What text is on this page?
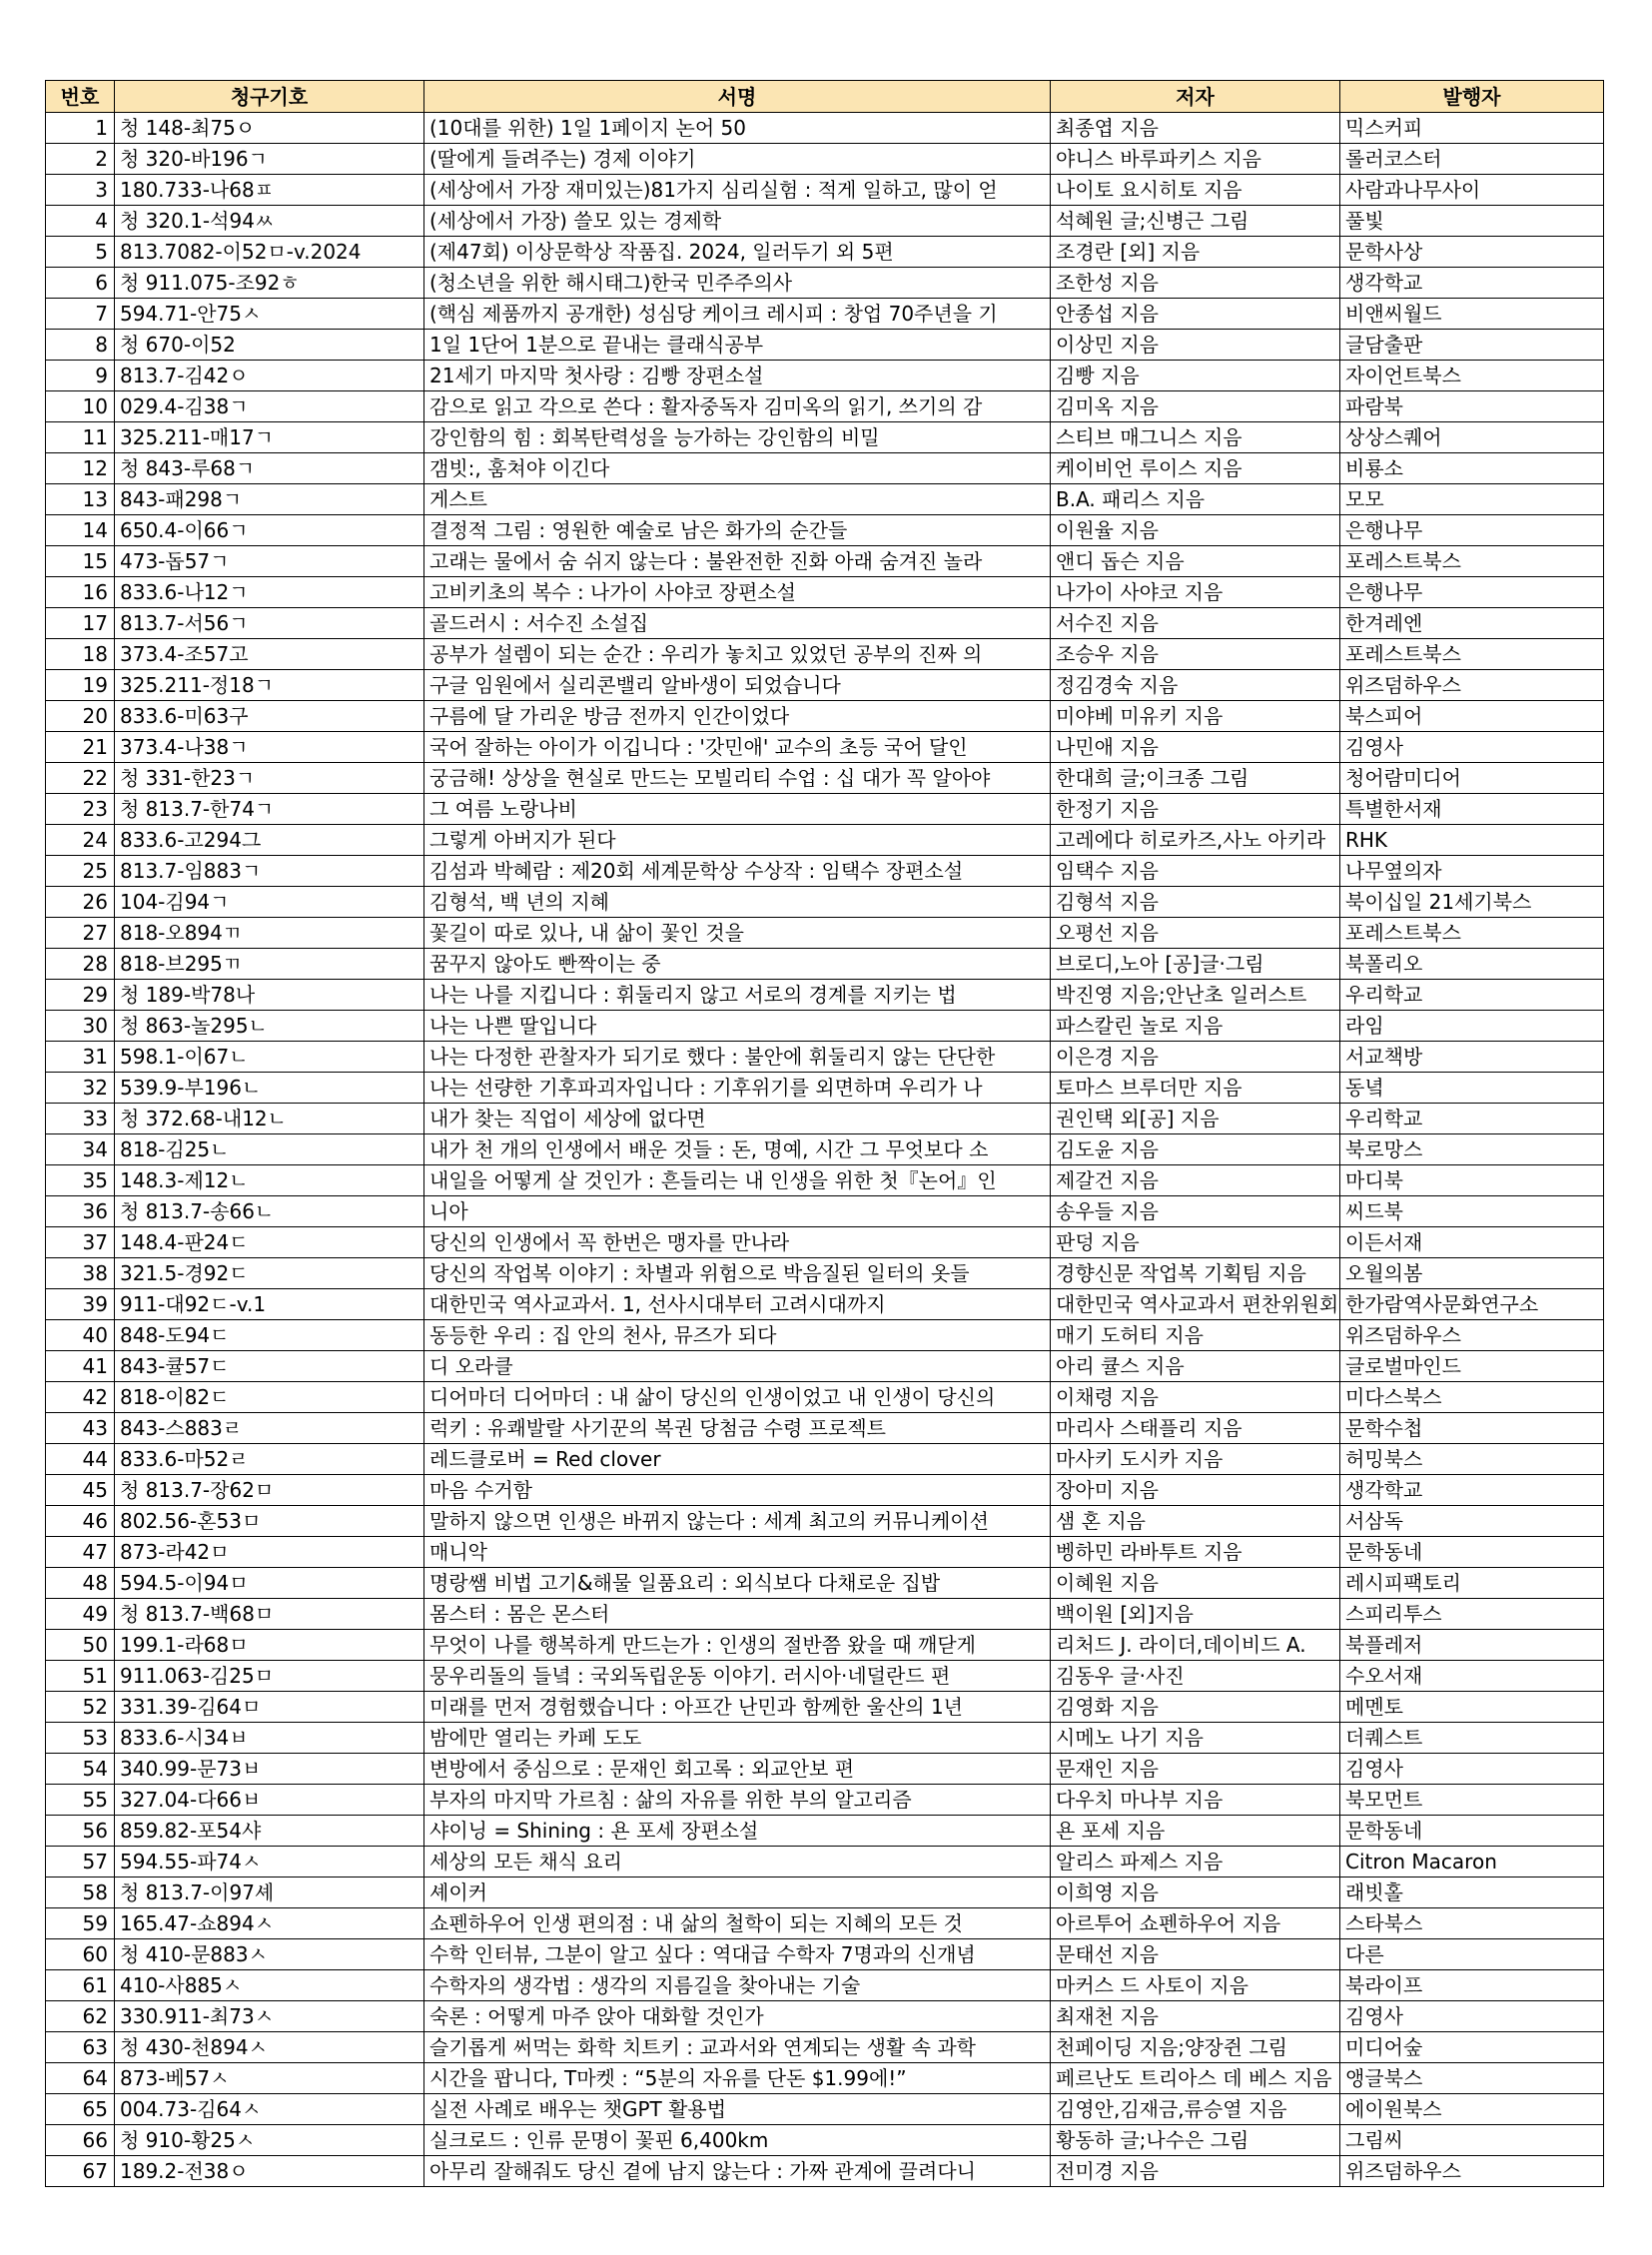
번호	청구기호	서명	저자	발행자
1	청 148-최75ㅇ	(10대를 위한) 1일 1페이지 논어 50	최종엽 지음	믹스커피
2	청 320-바196ㄱ	(딸에게 들려주는) 경제 이야기	야니스 바루파키스 지음	롤러코스터
3	180.733-나68ㅍ	(세상에서 가장 재미있는)81가지 심리실험 : 적게 일하고, 많이 얻	나이토 요시히토 지음	사람과나무사이
4	청 320.1-석94ㅆ	(세상에서 가장) 쓸모 있는 경제학	석혜원 글;신병근 그림	풀빛
5	813.7082-이52ㅁ-v.2024	(제47회) 이상문학상 작품집. 2024, 일러두기 외 5편	조경란 [외] 지음	문학사상
6	청 911.075-조92ㅎ	(청소년을 위한 해시태그)한국 민주주의사	조한성 지음	생각학교
7	594.71-안75ㅅ	(핵심 제품까지 공개한) 성심당 케이크 레시피 : 창업 70주년을 기	안종섭 지음	비앤씨월드
8	청 670-이52	1일 1단어 1분으로 끝내는 클래식공부	이상민 지음	글담출판
9	813.7-김42ㅇ	21세기 마지막 첫사랑 : 김빵 장편소설	김빵 지음	자이언트북스
10	029.4-김38ㄱ	감으로 읽고 각으로 쓴다 : 활자중독자 김미옥의 읽기, 쓰기의 감	김미옥 지음	파람북
11	325.211-매17ㄱ	강인함의 힘 : 회복탄력성을 능가하는 강인함의 비밀	스티브 매그니스 지음	상상스퀘어
12	청 843-루68ㄱ	갬빗:, 훔쳐야 이긴다	케이비언 루이스 지음	비룡소
13	843-패298ㄱ	게스트	B.A. 패리스 지음	모모
14	650.4-이66ㄱ	결정적 그림 : 영원한 예술로 남은 화가의 순간들	이원율 지음	은행나무
15	473-돕57ㄱ	고래는 물에서 숨 쉬지 않는다 : 불완전한 진화 아래 숨겨진 놀라	앤디 돕슨 지음	포레스트북스
16	833.6-나12ㄱ	고비키초의 복수 : 나가이 사야코 장편소설	나가이 사야코 지음	은행나무
17	813.7-서56ㄱ	골드러시 : 서수진 소설집	서수진 지음	한겨레엔
18	373.4-조57고	공부가 설렘이 되는 순간 : 우리가 놓치고 있었던 공부의 진짜 의	조승우 지음	포레스트북스
19	325.211-정18ㄱ	구글 임원에서 실리콘밸리 알바생이 되었습니다	정김경숙 지음	위즈덤하우스
20	833.6-미63구	구름에 달 가리운 방금 전까지 인간이었다	미야베 미유키 지음	북스피어
21	373.4-나38ㄱ	국어 잘하는 아이가 이깁니다 : '갓민애' 교수의 초등 국어 달인	나민애 지음	김영사
22	청 331-한23ㄱ	궁금해! 상상을 현실로 만드는 모빌리티 수업 : 십 대가 꼭 알아야	한대희 글;이크종 그림	청어람미디어
23	청 813.7-한74ㄱ	그 여름 노랑나비	한정기 지음	특별한서재
24	833.6-고294그	그렇게 아버지가 된다	고레에다 히로카즈,사노 아키라	RHK
25	813.7-임883ㄱ	김섬과 박혜람 : 제20회 세계문학상 수상작 : 임택수 장편소설	임택수 지음	나무옆의자
26	104-김94ㄱ	김형석, 백 년의 지혜	김형석 지음	북이십일 21세기북스
27	818-오894ㄲ	꽃길이 따로 있나, 내 삶이 꽃인 것을	오평선 지음	포레스트북스
28	818-브295ㄲ	꿈꾸지 않아도 빤짝이는 중	브로디,노아 [공]글·그림	북폴리오
29	청 189-박78나	나는 나를 지킵니다 : 휘둘리지 않고 서로의 경계를 지키는 법	박진영 지음;안난초 일러스트	우리학교
30	청 863-놀295ㄴ	나는 나쁜 딸입니다	파스칼린 놀로 지음	라임
31	598.1-이67ㄴ	나는 다정한 관찰자가 되기로 했다 : 불안에 휘둘리지 않는 단단한	이은경 지음	서교책방
32	539.9-부196ㄴ	나는 선량한 기후파괴자입니다 : 기후위기를 외면하며 우리가 나	토마스 브루더만 지음	동녘
33	청 372.68-내12ㄴ	내가 찾는 직업이 세상에 없다면	권인택 외[공] 지음	우리학교
34	818-김25ㄴ	내가 천 개의 인생에서 배운 것들 : 돈, 명예, 시간 그 무엇보다 소	김도윤 지음	북로망스
35	148.3-제12ㄴ	내일을 어떻게 살 것인가 : 흔들리는 내 인생을 위한 첫『논어』인	제갈건 지음	마디북
36	청 813.7-송66ㄴ	니아	송우들 지음	씨드북
37	148.4-판24ㄷ	당신의 인생에서 꼭 한번은 맹자를 만나라	판덩 지음	이든서재
38	321.5-경92ㄷ	당신의 작업복 이야기 : 차별과 위험으로 박음질된 일터의 옷들	경향신문 작업복 기획팀 지음	오월의봄
39	911-대92ㄷ-v.1	대한민국 역사교과서. 1, 선사시대부터 고려시대까지	대한민국 역사교과서 편찬위원회	한가람역사문화연구소
40	848-도94ㄷ	동등한 우리 : 집 안의 천사, 뮤즈가 되다	매기 도허티 지음	위즈덤하우스
41	843-큘57ㄷ	디 오라클	아리 큘스 지음	글로벌마인드
42	818-이82ㄷ	디어마더 디어마더 : 내 삶이 당신의 인생이었고 내 인생이 당신의	이채령 지음	미다스북스
43	843-스883ㄹ	럭키 : 유쾌발랄 사기꾼의 복권 당첨금 수령 프로젝트	마리사 스태플리 지음	문학수첩
44	833.6-마52ㄹ	레드클로버 = Red clover	마사키 도시카 지음	허밍북스
45	청 813.7-장62ㅁ	마음 수거함	장아미 지음	생각학교
46	802.56-혼53ㅁ	말하지 않으면 인생은 바뀌지 않는다 : 세계 최고의 커뮤니케이션	샘 혼 지음	서삼독
47	873-라42ㅁ	매니악	벵하민 라바투트 지음	문학동네
48	594.5-이94ㅁ	명랑쌤 비법 고기&해물 일품요리 : 외식보다 다채로운 집밥	이혜원 지음	레시피팩토리
49	청 813.7-백68ㅁ	몸스터 : 몸은 몬스터	백이원 [외]지음	스피리투스
50	199.1-라68ㅁ	무엇이 나를 행복하게 만드는가 : 인생의 절반쯤 왔을 때 깨닫게	리처드 J. 라이더,데이비드 A.	북플레저
51	911.063-김25ㅁ	뭉우리돌의 들녘 : 국외독립운동 이야기. 러시아·네덜란드 편	김동우 글·사진	수오서재
52	331.39-김64ㅁ	미래를 먼저 경험했습니다 : 아프간 난민과 함께한 울산의 1년	김영화 지음	메멘토
53	833.6-시34ㅂ	밤에만 열리는 카페 도도	시메노 나기 지음	더퀘스트
54	340.99-문73ㅂ	변방에서 중심으로 : 문재인 회고록 : 외교안보 편	문재인 지음	김영사
55	327.04-다66ㅂ	부자의 마지막 가르침 : 삶의 자유를 위한 부의 알고리즘	다우치 마나부 지음	북모먼트
56	859.82-포54샤	샤이닝 = Shining : 욘 포세 장편소설	욘 포세 지음	문학동네
57	594.55-파74ㅅ	세상의 모든 채식 요리	알리스 파제스 지음	Citron Macaron
58	청 813.7-이97셰	셰이커	이희영 지음	래빗홀
59	165.47-쇼894ㅅ	쇼펜하우어 인생 편의점 : 내 삶의 철학이 되는 지혜의 모든 것	아르투어 쇼펜하우어 지음	스타북스
60	청 410-문883ㅅ	수학 인터뷰, 그분이 알고 싶다 : 역대급 수학자 7명과의 신개념	문태선 지음	다른
61	410-사885ㅅ	수학자의 생각법 : 생각의 지름길을 찾아내는 기술	마커스 드 사토이 지음	북라이프
62	330.911-최73ㅅ	숙론 : 어떻게 마주 앉아 대화할 것인가	최재천 지음	김영사
63	청 430-천894ㅅ	슬기롭게 써먹는 화학 치트키 : 교과서와 연계되는 생활 속 과학	천페이딩 지음;양장쥔 그림	미디어숲
64	873-베57ㅅ	시간을 팝니다, T마켓 : “5분의 자유를 단돈 $1.99에!”	페르난도 트리아스 데 베스 지음	앵글북스
65	004.73-김64ㅅ	실전 사례로 배우는 챗GPT 활용법	김영안,김재금,류승열 지음	에이원북스
66	청 910-황25ㅅ	실크로드 : 인류 문명이 꽃핀 6,400km	황동하 글;나수은 그림	그림씨
67	189.2-전38ㅇ	아무리 잘해줘도 당신 곁에 남지 않는다 : 가짜 관계에 끌려다니	전미경 지음	위즈덤하우스
